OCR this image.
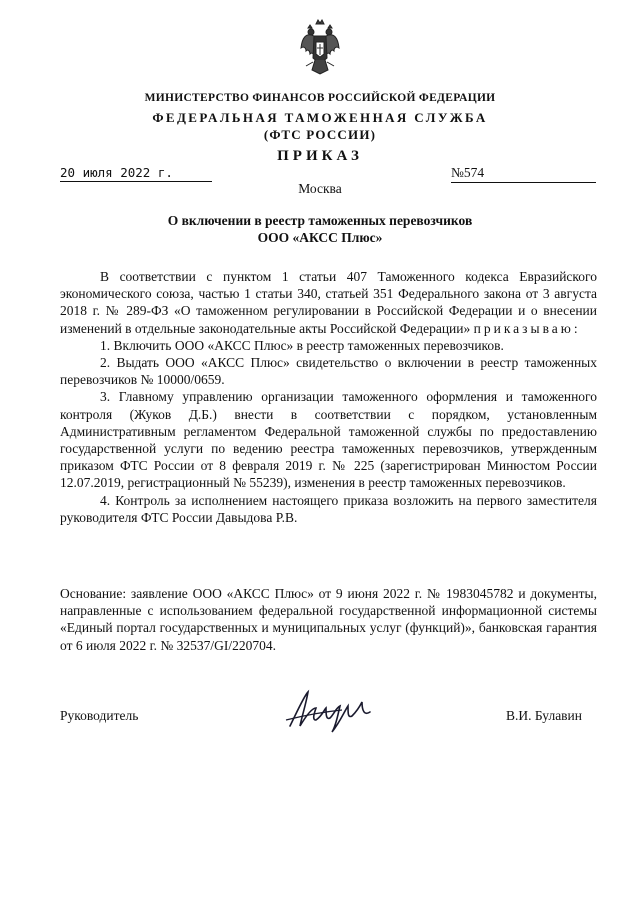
МИНИСТЕРСТВО ФИНАНСОВ РОССИЙСКОЙ ФЕДЕРАЦИИ
ФЕДЕРАЛЬНАЯ ТАМОЖЕННАЯ СЛУЖБА
(ФТС РОССИИ)
ПРИКАЗ
20 июля 2022 г.	№574
Москва
О включении в реестр таможенных перевозчиков
ООО «АКСС Плюс»

В соответствии с пунктом 1 статьи 407 Таможенного кодекса Евразийского экономического союза, частью 1 статьи 340, статьей 351 Федерального закона от 3 августа 2018 г. № 289-ФЗ «О таможенном регулировании в Российской Федерации и о внесении изменений в отдельные законодательные акты Российской Федерации» приказываю:

1. Включить ООО «АКСС Плюс» в реестр таможенных перевозчиков.

2. Выдать ООО «АКСС Плюс» свидетельство о включении в реестр таможенных перевозчиков № 10000/0659.

3. Главному управлению организации таможенного оформления и таможенного контроля (Жуков Д.Б.) внести в соответствии с порядком, установленным Административным регламентом Федеральной таможенной службы по предоставлению государственной услуги по ведению реестра таможенных перевозчиков, утвержденным приказом ФТС России от 8 февраля 2019 г. № 225 (зарегистрирован Минюстом России 12.07.2019, регистрационный № 55239), изменения в реестр таможенных перевозчиков.

4. Контроль за исполнением настоящего приказа возложить на первого заместителя руководителя ФТС России Давыдова Р.В.

Основание: заявление ООО «АКСС Плюс» от 9 июня 2022 г. № 1983045782 и документы, направленные с использованием федеральной государственной информационной системы «Единый портал государственных и муниципальных услуг (функций)», банковская гарантия от 6 июля 2022 г. № 32537/GI/220704.

Руководитель	В.И. Булавин
